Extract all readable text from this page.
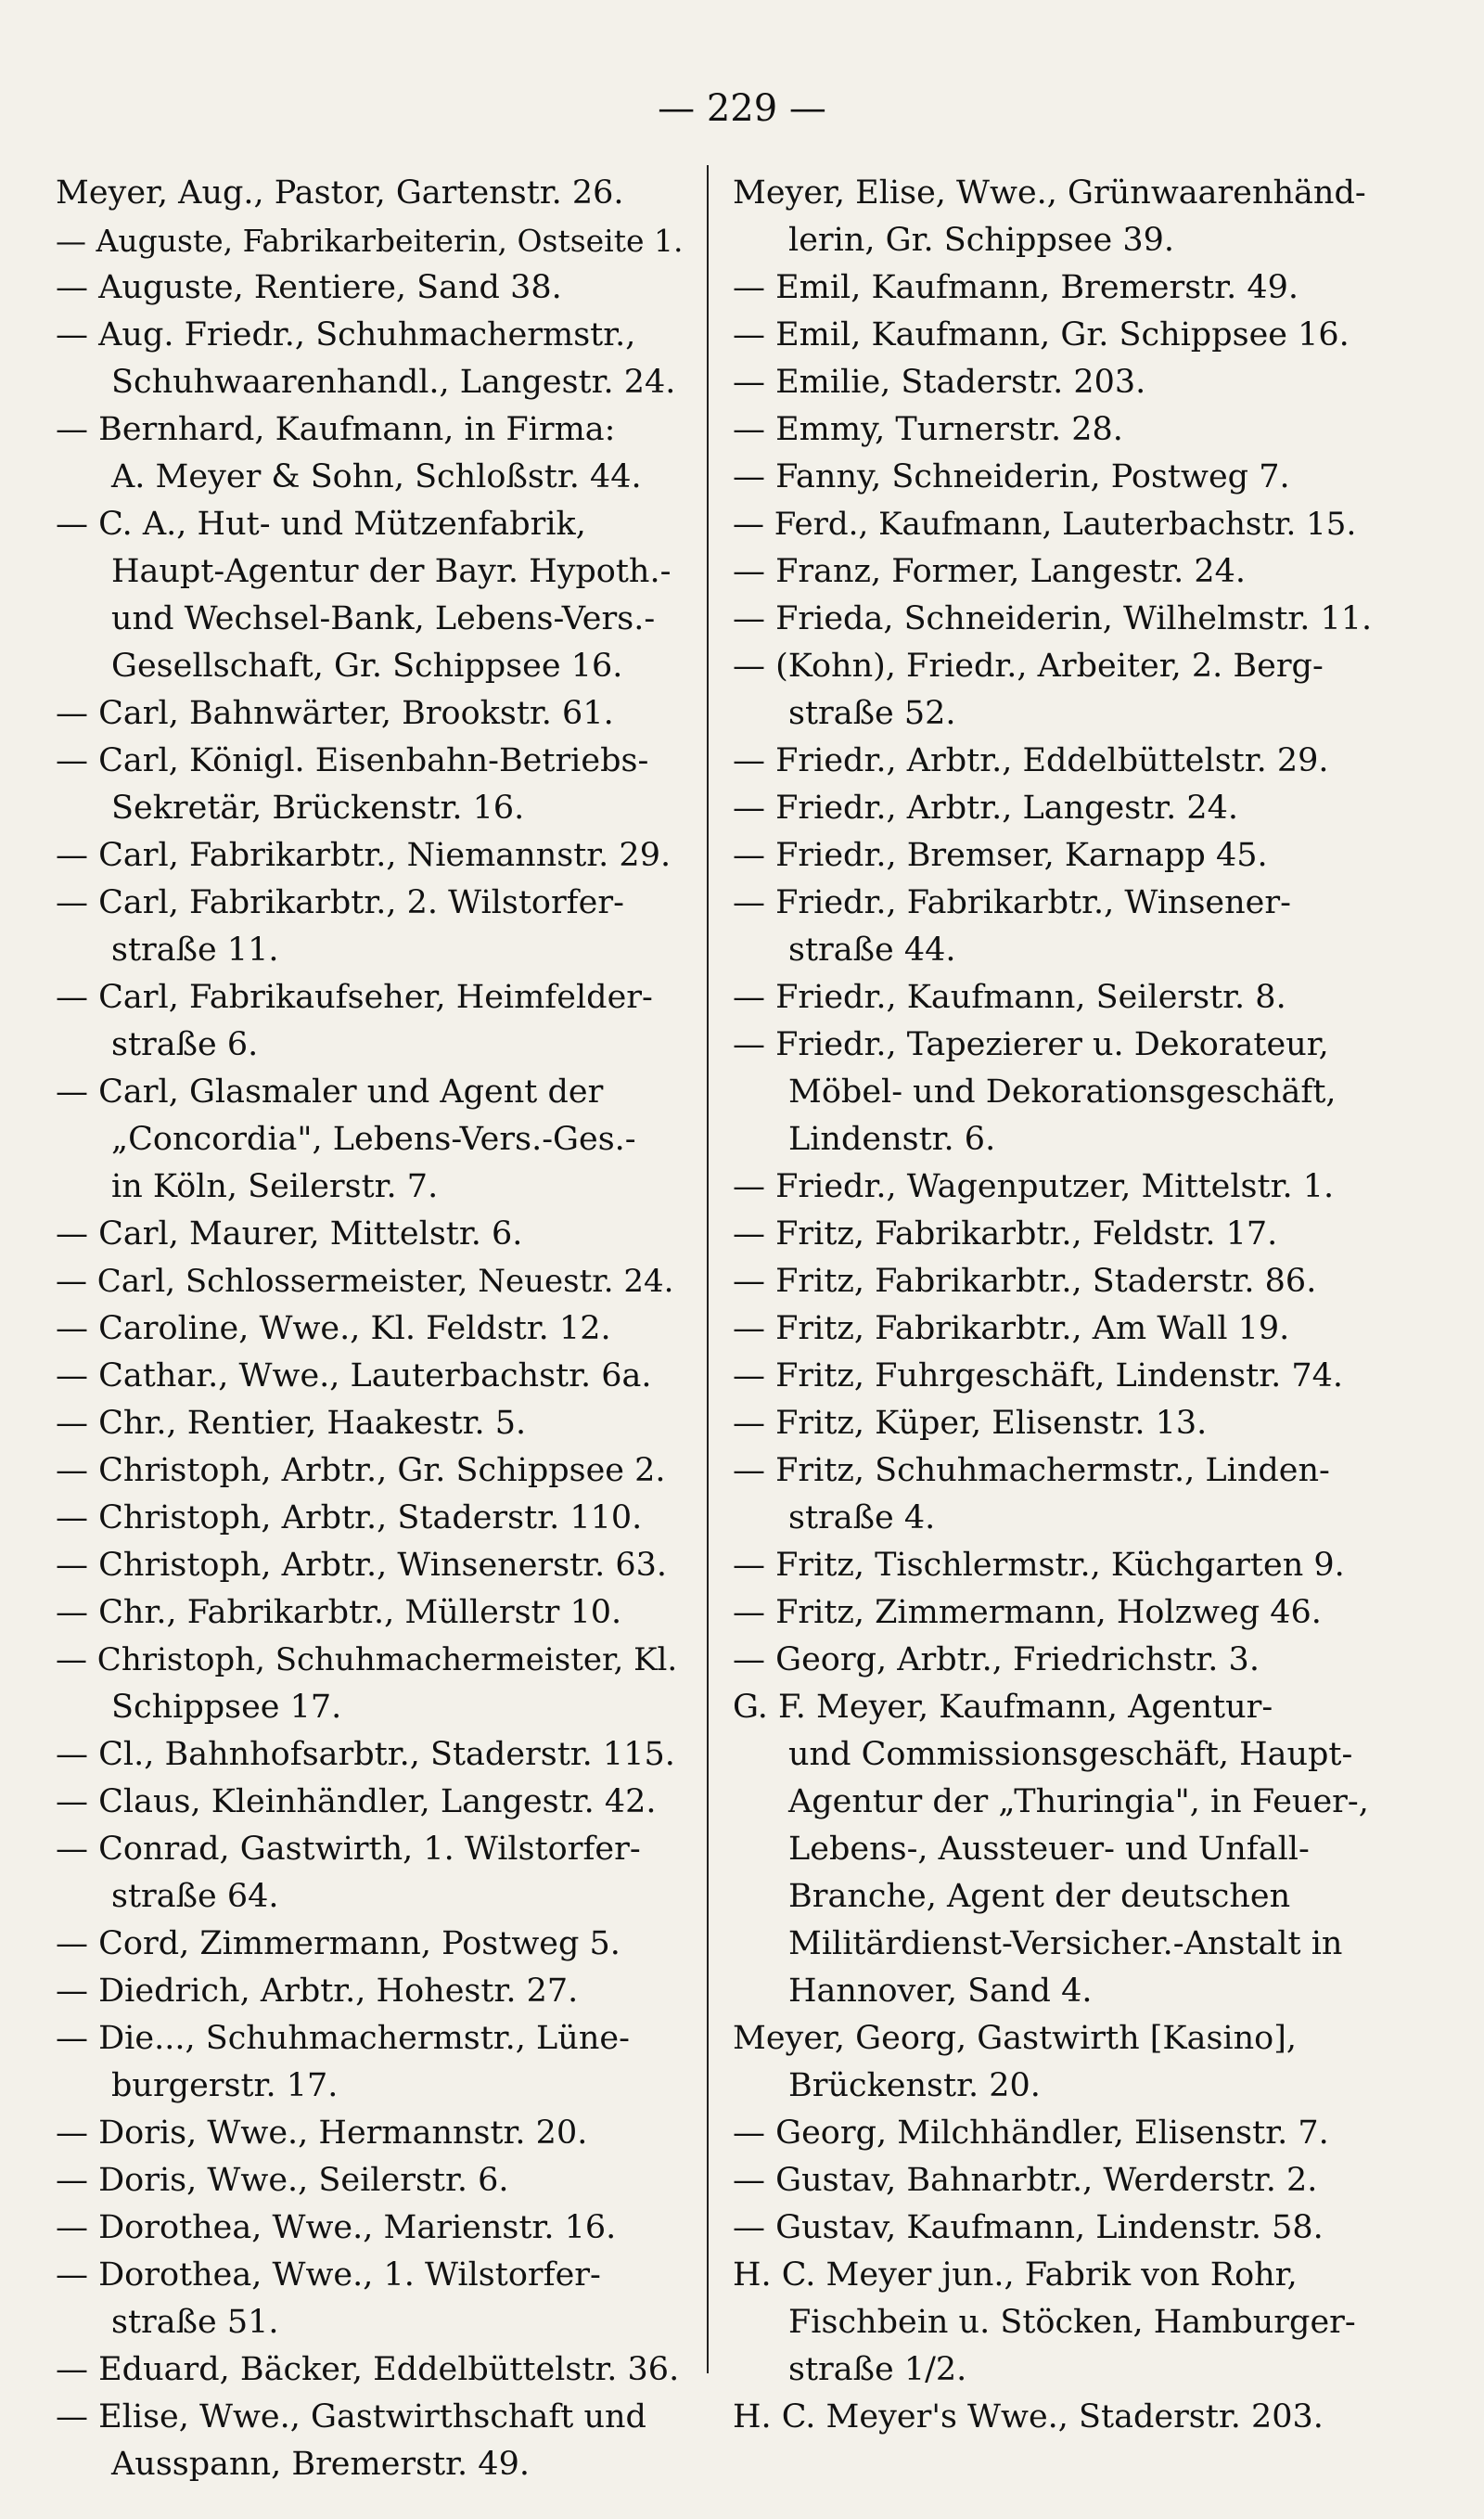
— 229 —
Meyer, Aug., Pastor, Gartenstr. 26.
— Auguste, Fabrikarbeiterin, Ostseite 1.
— Auguste, Rentiere, Sand 38.
— Aug. Friedr., Schuhmachermstr.,
Schuhwaarenhandl., Langestr. 24.
— Bernhard, Kaufmann, in Firma:
A. Meyer & Sohn, Schloßstr. 44.
— C. A., Hut- und Mützenfabrik,
Haupt-Agentur der Bayr. Hypoth.-
und Wechsel-Bank, Lebens-Vers.-
Gesellschaft, Gr. Schippsee 16.
— Carl, Bahnwärter, Brookstr. 61.
— Carl, Königl. Eisenbahn-Betriebs-
Sekretär, Brückenstr. 16.
— Carl, Fabrikarbtr., Niemannstr. 29.
— Carl, Fabrikarbtr., 2. Wilstorfer-
straße 11.
— Carl, Fabrikaufseher, Heimfelder-
straße 6.
— Carl, Glasmaler und Agent der
„Concordia", Lebens-Vers.-Ges.-
in Köln, Seilerstr. 7.
— Carl, Maurer, Mittelstr. 6.
— Carl, Schlossermeister, Neuestr. 24.
— Caroline, Wwe., Kl. Feldstr. 12.
— Cathar., Wwe., Lauterbachstr. 6a.
— Chr., Rentier, Haakestr. 5.
— Christoph, Arbtr., Gr. Schippsee 2.
— Christoph, Arbtr., Staderstr. 110.
— Christoph, Arbtr., Winsenerstr. 63.
— Chr., Fabrikarbtr., Müllerstr 10.
— Christoph, Schuhmachermeister, Kl.
Schippsee 17.
— Cl., Bahnhofsarbtr., Staderstr. 115.
— Claus, Kleinhändler, Langestr. 42.
— Conrad, Gastwirth, 1. Wilstorfer-
straße 64.
— Cord, Zimmermann, Postweg 5.
— Diedrich, Arbtr., Hohestr. 27.
— Die..., Schuhmachermstr., Lüne-
burgerstr. 17.
— Doris, Wwe., Hermannstr. 20.
— Doris, Wwe., Seilerstr. 6.
— Dorothea, Wwe., Marienstr. 16.
— Dorothea, Wwe., 1. Wilstorfer-
straße 51.
— Eduard, Bäcker, Eddelbüttelstr. 36.
— Elise, Wwe., Gastwirthschaft und
Ausspann, Bremerstr. 49.
Meyer, Elise, Wwe., Grünwaarenhänd-
lerin, Gr. Schippsee 39.
— Emil, Kaufmann, Bremerstr. 49.
— Emil, Kaufmann, Gr. Schippsee 16.
— Emilie, Staderstr. 203.
— Emmy, Turnerstr. 28.
— Fanny, Schneiderin, Postweg 7.
— Ferd., Kaufmann, Lauterbachstr. 15.
— Franz, Former, Langestr. 24.
— Frieda, Schneiderin, Wilhelmstr. 11.
— (Kohn), Friedr., Arbeiter, 2. Berg-
straße 52.
— Friedr., Arbtr., Eddelbüttelstr. 29.
— Friedr., Arbtr., Langestr. 24.
— Friedr., Bremser, Karnapp 45.
— Friedr., Fabrikarbtr., Winsener-
straße 44.
— Friedr., Kaufmann, Seilerstr. 8.
— Friedr., Tapezierer u. Dekorateur,
Möbel- und Dekorationsgeschäft,
Lindenstr. 6.
— Friedr., Wagenputzer, Mittelstr. 1.
— Fritz, Fabrikarbtr., Feldstr. 17.
— Fritz, Fabrikarbtr., Staderstr. 86.
— Fritz, Fabrikarbtr., Am Wall 19.
— Fritz, Fuhrgeschäft, Lindenstr. 74.
— Fritz, Küper, Elisenstr. 13.
— Fritz, Schuhmachermstr., Linden-
straße 4.
— Fritz, Tischlermstr., Küchgarten 9.
— Fritz, Zimmermann, Holzweg 46.
— Georg, Arbtr., Friedrichstr. 3.
G. F. Meyer, Kaufmann, Agentur-
und Commissionsgeschäft, Haupt-
Agentur der „Thuringia", in Feuer-,
Lebens-, Aussteuer- und Unfall-
Branche, Agent der deutschen
Militärdienst-Versicher.-Anstalt in
Hannover, Sand 4.
Meyer, Georg, Gastwirth [Kasino],
Brückenstr. 20.
— Georg, Milchhändler, Elisenstr. 7.
— Gustav, Bahnarbtr., Werderstr. 2.
— Gustav, Kaufmann, Lindenstr. 58.
H. C. Meyer jun., Fabrik von Rohr,
Fischbein u. Stöcken, Hamburger-
straße 1/2.
H. C. Meyer's Wwe., Staderstr. 203.
